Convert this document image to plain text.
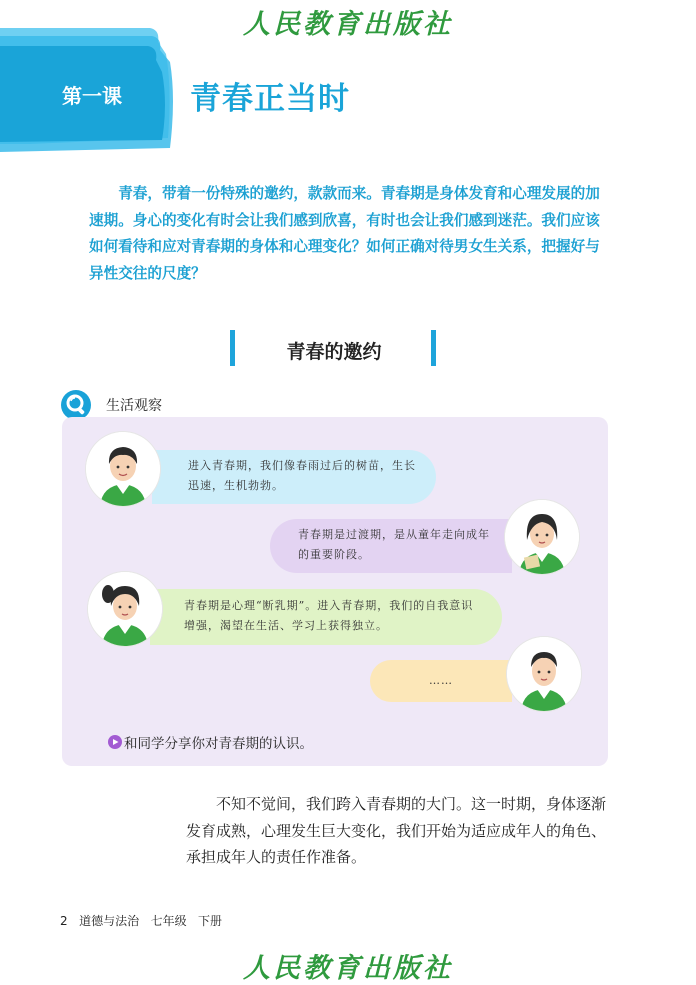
人民教育出版社
第一课	青春正当时
青春，带着一份特殊的邀约，款款而来。青春期是身体发育和心理发展的加速期。身心的变化有时会让我们感到欣喜，有时也会让我们感到迷茫。我们应该如何看待和应对青春期的身体和心理变化？如何正确对待男女生关系，把握好与异性交往的尺度？
青春的邀约
生活观察
进入青春期，我们像春雨过后的树苗，生长迅速，生机勃勃。
青春期是过渡期，是从童年走向成年的重要阶段。
青春期是心理“断乳期”。进入青春期，我们的自我意识增强，渴望在生活、学习上获得独立。
……
和同学分享你对青春期的认识。
不知不觉间，我们跨入青春期的大门。这一时期，身体逐渐发育成熟，心理发生巨大变化，我们开始为适应成年人的角色、承担成年人的责任作准备。
2 道德与法治 七年级 下册
人民教育出版社
